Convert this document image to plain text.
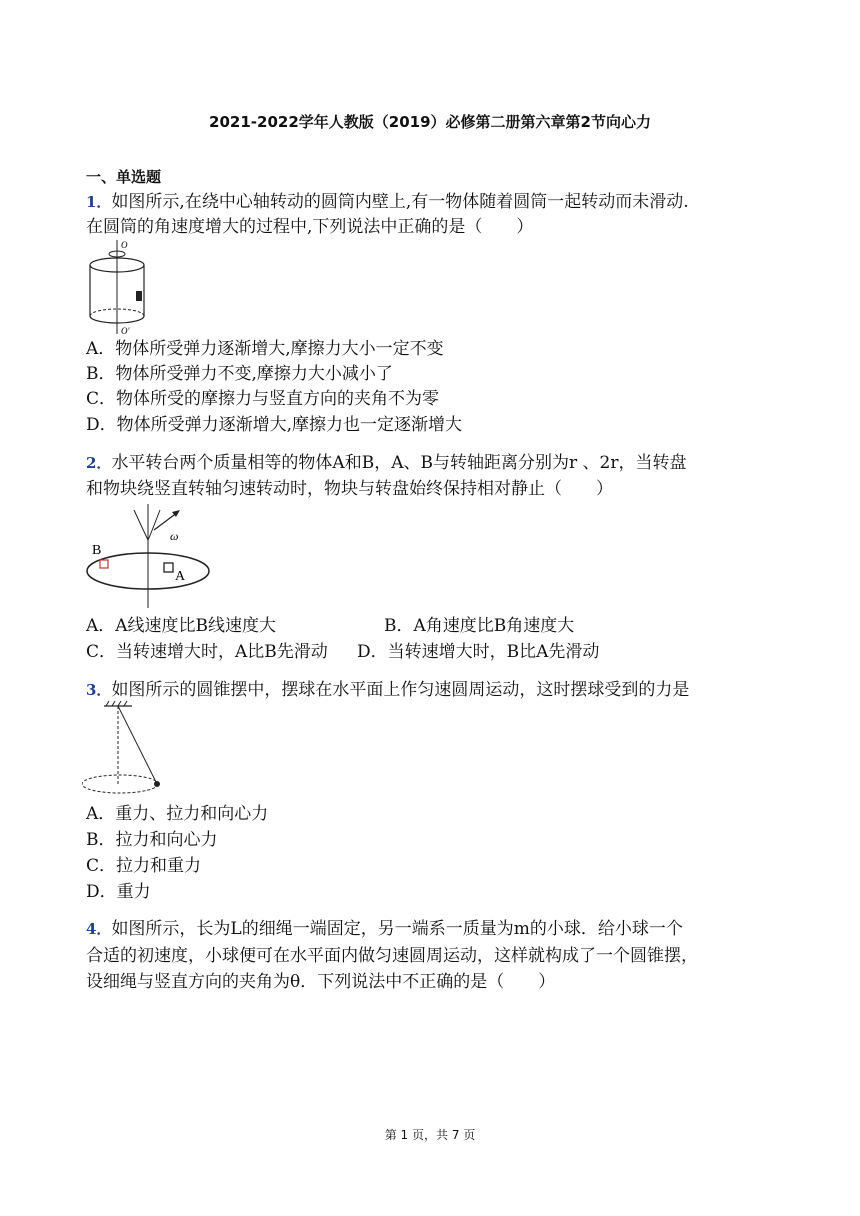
2021-2022学年人教版（2019）必修第二册第六章第2节向心力
一、单选题
1．如图所示,在绕中心轴转动的圆筒内壁上,有一物体随着圆筒一起转动而未滑动.
在圆筒的角速度增大的过程中,下列说法中正确的是（　　）
O
O′
A．物体所受弹力逐渐增大,摩擦力大小一定不变
B．物体所受弹力不变,摩擦力大小减小了
C．物体所受的摩擦力与竖直方向的夹角不为零
D．物体所受弹力逐渐增大,摩擦力也一定逐渐增大
2．水平转台两个质量相等的物体A和B，A、B与转轴距离分别为r 、2r，当转盘
和物块绕竖直转轴匀速转动时，物块与转盘始终保持相对静止（　　）
ω
B
A
A．A线速度比B线速度大	B．A角速度比B角速度大
C．当转速增大时，A比B先滑动 D．当转速增大时，B比A先滑动
3．如图所示的圆锥摆中，摆球在水平面上作匀速圆周运动，这时摆球受到的力是
A．重力、拉力和向心力
B．拉力和向心力
C．拉力和重力
D．重力
4．如图所示，长为L的细绳一端固定，另一端系一质量为m的小球．给小球一个
合适的初速度，小球便可在水平面内做匀速圆周运动，这样就构成了一个圆锥摆，
设细绳与竖直方向的夹角为θ．下列说法中不正确的是（　　）
第 1 页，共 7 页
